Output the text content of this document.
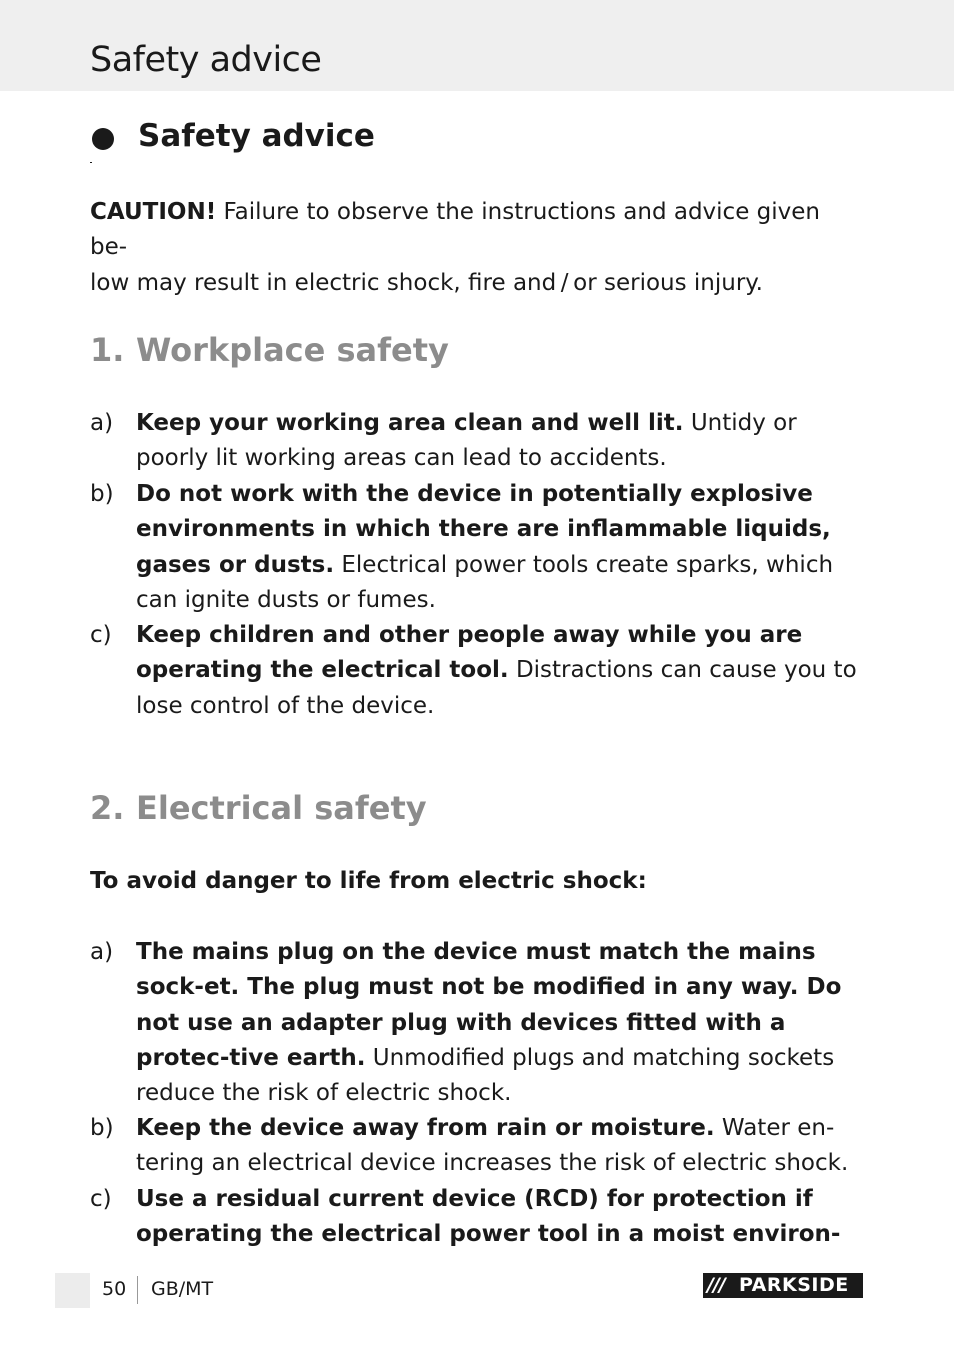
Safety advice
Safety advice
CAUTION! Failure to observe the instructions and advice given be-
low may result in electric shock, fire and / or serious injury.
1. Workplace safety
a) Keep your working area clean and well lit. Untidy or poorly lit working areas can lead to accidents.
b) Do not work with the device in potentially explosive environments in which there are inflammable liquids, gases or dusts. Electrical power tools create sparks, which can ignite dusts or fumes.
c) Keep children and other people away while you are operating the electrical tool. Distractions can cause you to lose control of the device.
2. Electrical safety
To avoid danger to life from electric shock:
a) The mains plug on the device must match the mains sock-et. The plug must not be modified in any way. Do not use an adapter plug with devices fitted with a protec-tive earth. Unmodified plugs and matching sockets reduce the risk of electric shock.
b) Keep the device away from rain or moisture. Water en-tering an electrical device increases the risk of electric shock.
c) Use a residual current device (RCD) for protection if operating the electrical power tool in a moist environ-
50 GB/MT	/// PARKSIDE
